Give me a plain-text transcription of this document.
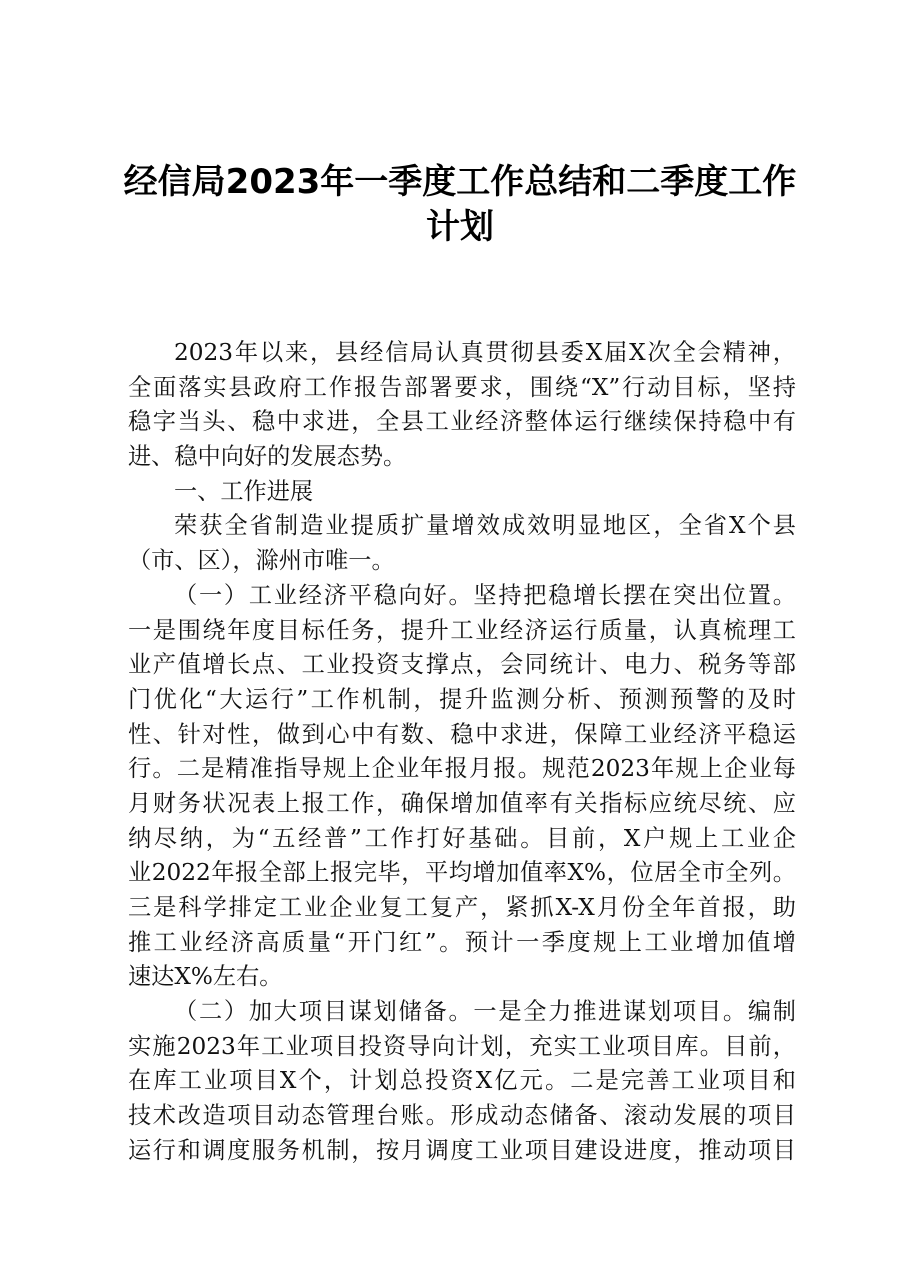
经信局2023年一季度工作总结和二季度工作
计划
2023年以来，县经信局认真贯彻县委X届X次全会精神，
全面落实县政府工作报告部署要求，围绕“X”行动目标，坚持
稳字当头、稳中求进，全县工业经济整体运行继续保持稳中有
进、稳中向好的发展态势。
一、工作进展
荣获全省制造业提质扩量增效成效明显地区，全省X个县
（市、区），滁州市唯一。
（一）工业经济平稳向好。坚持把稳增长摆在突出位置。
一是围绕年度目标任务，提升工业经济运行质量，认真梳理工
业产值增长点、工业投资支撑点，会同统计、电力、税务等部
门优化“大运行”工作机制，提升监测分析、预测预警的及时
性、针对性，做到心中有数、稳中求进，保障工业经济平稳运
行。二是精准指导规上企业年报月报。规范2023年规上企业每
月财务状况表上报工作，确保增加值率有关指标应统尽统、应
纳尽纳，为“五经普”工作打好基础。目前，X户规上工业企
业2022年报全部上报完毕，平均增加值率X%，位居全市全列。
三是科学排定工业企业复工复产，紧抓X-X月份全年首报，助
推工业经济高质量“开门红”。预计一季度规上工业增加值增
速达X%左右。
（二）加大项目谋划储备。一是全力推进谋划项目。编制
实施2023年工业项目投资导向计划，充实工业项目库。目前，
在库工业项目X个，计划总投资X亿元。二是完善工业项目和
技术改造项目动态管理台账。形成动态储备、滚动发展的项目
运行和调度服务机制，按月调度工业项目建设进度，推动项目
